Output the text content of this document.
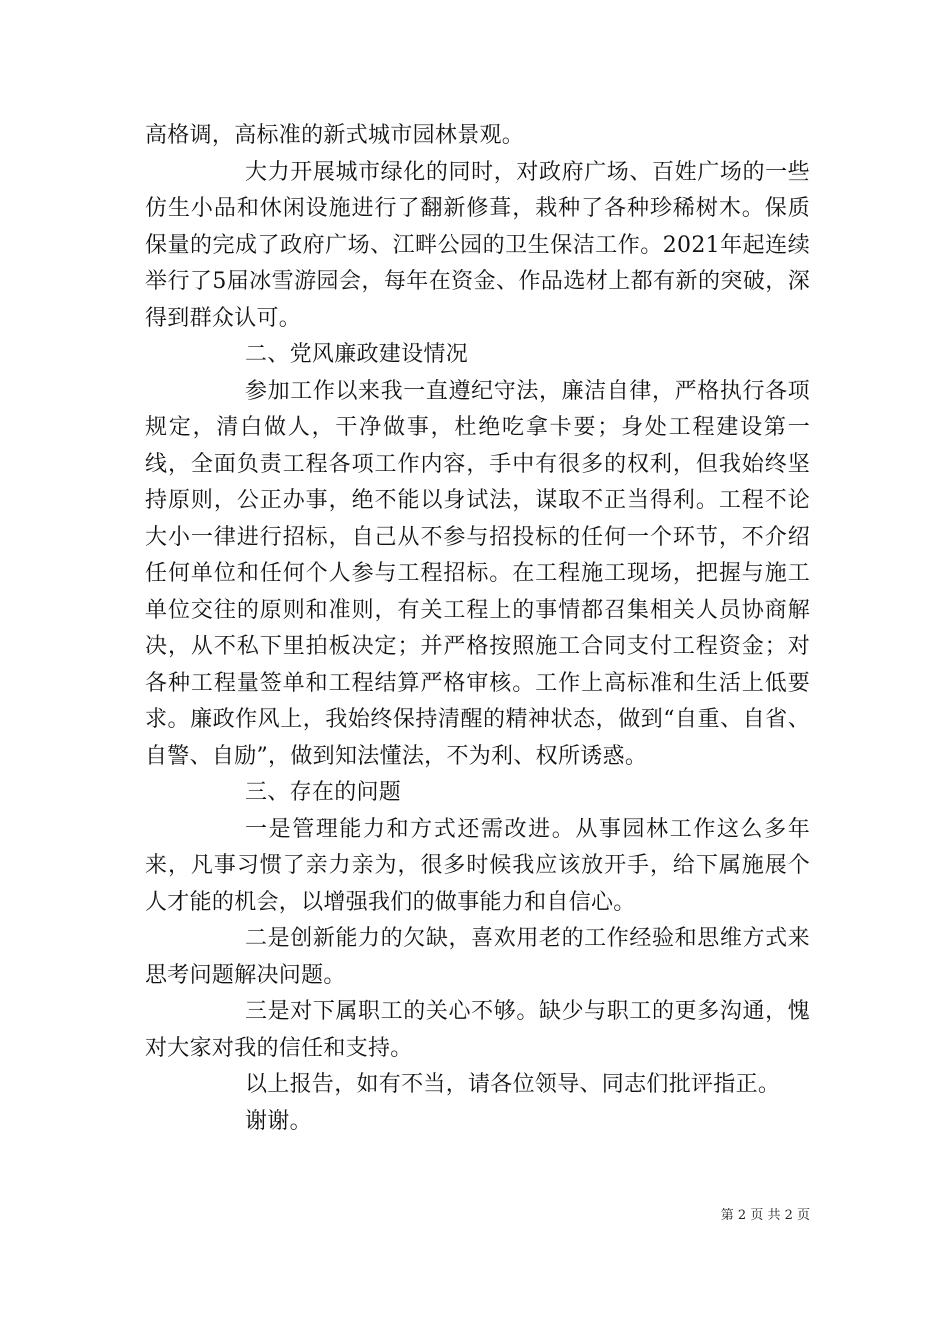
高格调，高标准的新式城市园林景观。

大力开展城市绿化的同时，对政府广场、百姓广场的一些仿生小品和休闲设施进行了翻新修葺，栽种了各种珍稀树木。保质保量的完成了政府广场、江畔公园的卫生保洁工作。2021年起连续举行了5届冰雪游园会，每年在资金、作品选材上都有新的突破，深得到群众认可。

二、党风廉政建设情况

参加工作以来我一直遵纪守法，廉洁自律，严格执行各项规定，清白做人，干净做事，杜绝吃拿卡要；身处工程建设第一线，全面负责工程各项工作内容，手中有很多的权利，但我始终坚持原则，公正办事，绝不能以身试法，谋取不正当得利。工程不论大小一律进行招标，自己从不参与招投标的任何一个环节，不介绍任何单位和任何个人参与工程招标。在工程施工现场，把握与施工单位交往的原则和准则，有关工程上的事情都召集相关人员协商解决，从不私下里拍板决定；并严格按照施工合同支付工程资金；对各种工程量签单和工程结算严格审核。工作上高标准和生活上低要求。廉政作风上，我始终保持清醒的精神状态，做到“自重、自省、自警、自励”，做到知法懂法，不为利、权所诱惑。

三、存在的问题

一是管理能力和方式还需改进。从事园林工作这么多年来，凡事习惯了亲力亲为，很多时候我应该放开手，给下属施展个人才能的机会，以增强我们的做事能力和自信心。

二是创新能力的欠缺，喜欢用老的工作经验和思维方式来思考问题解决问题。

三是对下属职工的关心不够。缺少与职工的更多沟通，愧对大家对我的信任和支持。

以上报告，如有不当，请各位领导、同志们批评指正。

谢谢。

第 2 页 共 2 页
